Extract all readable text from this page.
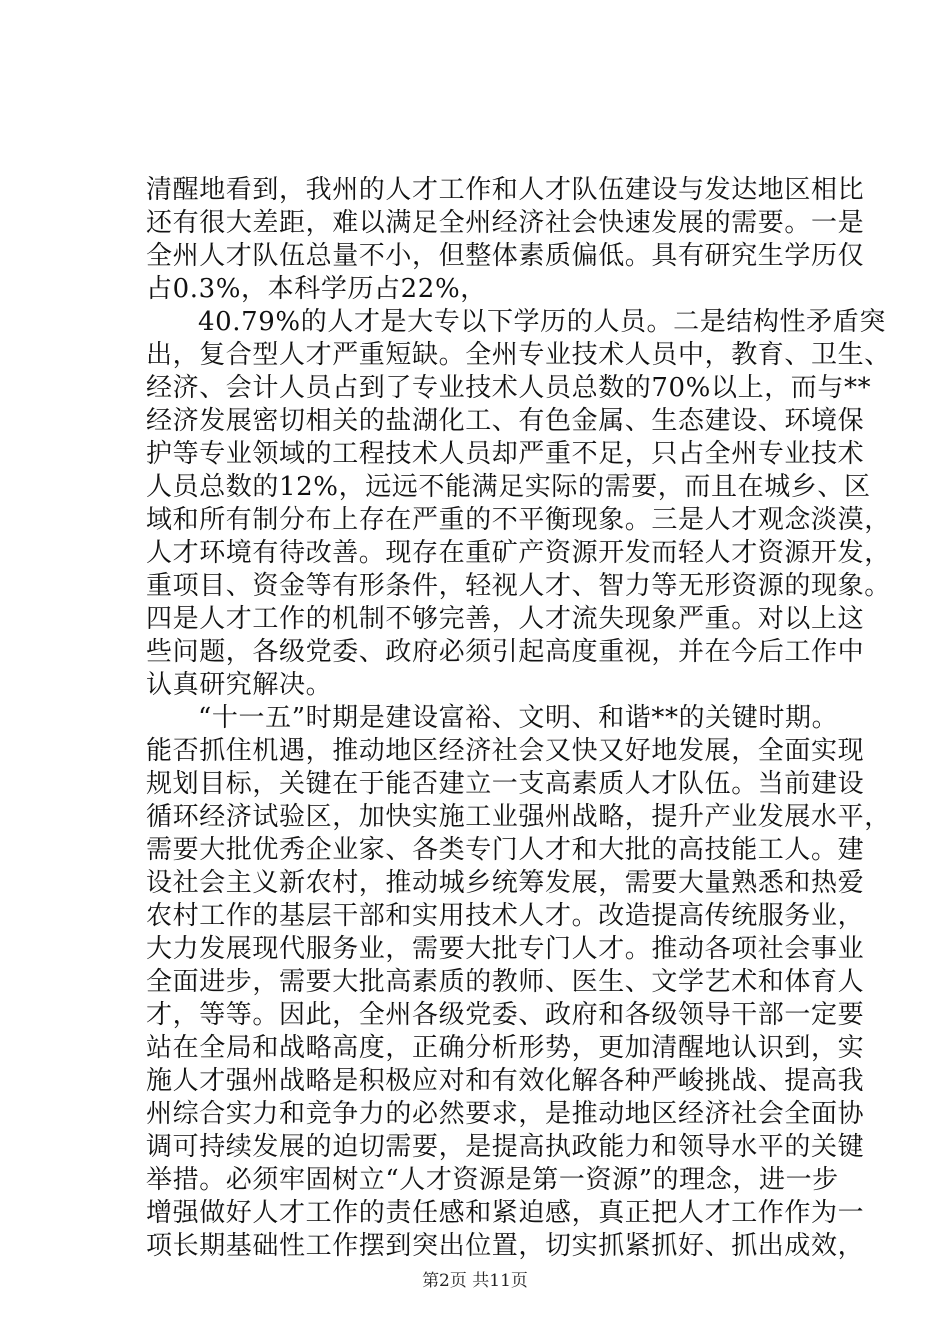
清醒地看到，我州的人才工作和人才队伍建设与发达地区相比
还有很大差距，难以满足全州经济社会快速发展的需要。一是
全州人才队伍总量不小，但整体素质偏低。具有研究生学历仅
占0.3%，本科学历占22%，
40.79%的人才是大专以下学历的人员。二是结构性矛盾突
出，复合型人才严重短缺。全州专业技术人员中，教育、卫生、
经济、会计人员占到了专业技术人员总数的70%以上，而与**
经济发展密切相关的盐湖化工、有色金属、生态建设、环境保
护等专业领域的工程技术人员却严重不足，只占全州专业技术
人员总数的12%，远远不能满足实际的需要，而且在城乡、区
域和所有制分布上存在严重的不平衡现象。三是人才观念淡漠，
人才环境有待改善。现存在重矿产资源开发而轻人才资源开发，
重项目、资金等有形条件，轻视人才、智力等无形资源的现象。
四是人才工作的机制不够完善，人才流失现象严重。对以上这
些问题，各级党委、政府必须引起高度重视，并在今后工作中
认真研究解决。
“十一五”时期是建设富裕、文明、和谐**的关键时期。
能否抓住机遇，推动地区经济社会又快又好地发展，全面实现
规划目标，关键在于能否建立一支高素质人才队伍。当前建设
循环经济试验区，加快实施工业强州战略，提升产业发展水平，
需要大批优秀企业家、各类专门人才和大批的高技能工人。建
设社会主义新农村，推动城乡统筹发展，需要大量熟悉和热爱
农村工作的基层干部和实用技术人才。改造提高传统服务业，
大力发展现代服务业，需要大批专门人才。推动各项社会事业
全面进步，需要大批高素质的教师、医生、文学艺术和体育人
才，等等。因此，全州各级党委、政府和各级领导干部一定要
站在全局和战略高度，正确分析形势，更加清醒地认识到，实
施人才强州战略是积极应对和有效化解各种严峻挑战、提高我
州综合实力和竞争力的必然要求，是推动地区经济社会全面协
调可持续发展的迫切需要，是提高执政能力和领导水平的关键
举措。必须牢固树立“人才资源是第一资源”的理念，进一步
增强做好人才工作的责任感和紧迫感，真正把人才工作作为一
项长期基础性工作摆到突出位置，切实抓紧抓好、抓出成效，
第2页 共11页
